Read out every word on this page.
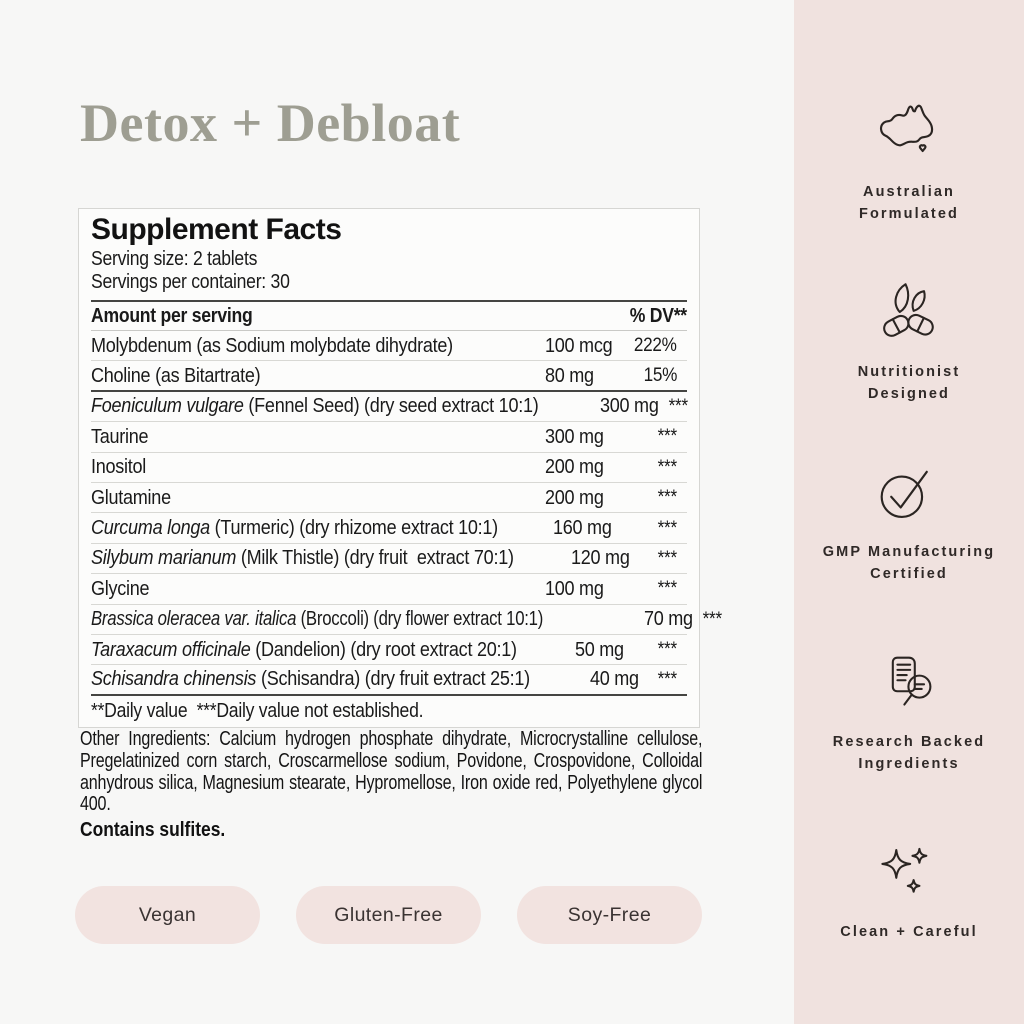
Detox + Debloat
Supplement Facts
Serving size: 2 tablets
Servings per container: 30
Amount per serving	% DV**
Molybdenum (as Sodium molybdate dihydrate)	100 mcg	222%
Choline (as Bitartrate)	80 mg	15%
Foeniculum vulgare (Fennel Seed) (dry seed extract 10:1)	300 mg ***
Taurine	300 mg	***
Inositol	200 mg	***
Glutamine	200 mg	***
Curcuma longa (Turmeric) (dry rhizome extract 10:1)	160 mg	***
Silybum marianum (Milk Thistle) (dry fruit  extract 70:1)	120 mg	***
Glycine	100 mg	***
Brassica oleracea var. italica (Broccoli) (dry flower extract 10:1)	70 mg ***
Taraxacum officinale (Dandelion) (dry root extract 20:1)	50 mg	***
Schisandra chinensis (Schisandra) (dry fruit extract 25:1)	40 mg ***
**Daily value  ***Daily value not established.

Other Ingredients: Calcium hydrogen phosphate dihydrate, Microcrystalline cellulose, Pregelatinized corn starch, Croscarmellose sodium, Povidone, Crospovidone, Colloidal anhydrous silica, Magnesium stearate, Hypromellose, Iron oxide red, Polyethylene glycol 400.

Contains sulfites.

Vegan	Gluten-Free	Soy-Free
Australian
Formulated
Nutritionist
Designed
GMP Manufacturing
Certified
Research Backed
Ingredients
Clean + Careful
